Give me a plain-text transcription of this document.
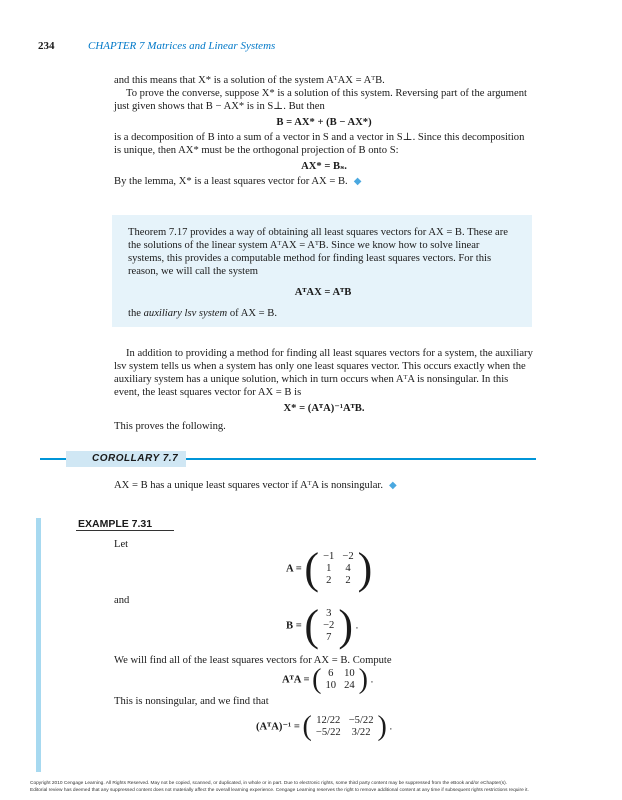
234	CHAPTER 7 Matrices and Linear Systems

and this means that X* is a solution of the system AᵀAX = AᵀB.

To prove the converse, suppose X* is a solution of this system. Reversing part of the argument just given shows that B − AX* is in S⊥. But then

B = AX* + (B − AX*)

is a decomposition of B into a sum of a vector in S and a vector in S⊥. Since this decomposition is unique, then AX* must be the orthogonal projection of B onto S:

AX* = Bₛ.

By the lemma, X* is a least squares vector for AX = B. ◆

Theorem 7.17 provides a way of obtaining all least squares vectors for AX = B. These are the solutions of the linear system AᵀAX = AᵀB. Since we know how to solve linear systems, this provides a computable method for finding least squares vectors. For this reason, we will call the system

AᵀAX = AᵀB

the auxiliary lsv system of AX = B.

In addition to providing a method for finding all least squares vectors for a system, the auxiliary lsv system tells us when a system has only one least squares vector. This occurs exactly when the auxiliary system has a unique solution, which in turn occurs when AᵀA is nonsingular. In this event, the least squares vector for AX = B is

X* = (AᵀA)⁻¹AᵀB.

This proves the following.

COROLLARY 7.7
AX = B has a unique least squares vector if AᵀA is nonsingular. ◆
EXAMPLE 7.31
Let
A = ( −1	−2
1	4
2	2 )
and
B = ( 3
−2
7 ) .
We will find all of the least squares vectors for AX = B. Compute
AᵀA = ( 6	10
10	24 ) .
This is nonsingular, and we find that
(AᵀA)⁻¹ = ( 12/22	−5/22
−5/22	3/22 ) .
Copyright 2010 Cengage Learning. All Rights Reserved. May not be copied, scanned, or duplicated, in whole or in part. Due to electronic rights, some third party content may be suppressed from the eBook and/or eChapter(s).
Editorial review has deemed that any suppressed content does not materially affect the overall learning experience. Cengage Learning reserves the right to remove additional content at any time if subsequent rights restrictions require it.
